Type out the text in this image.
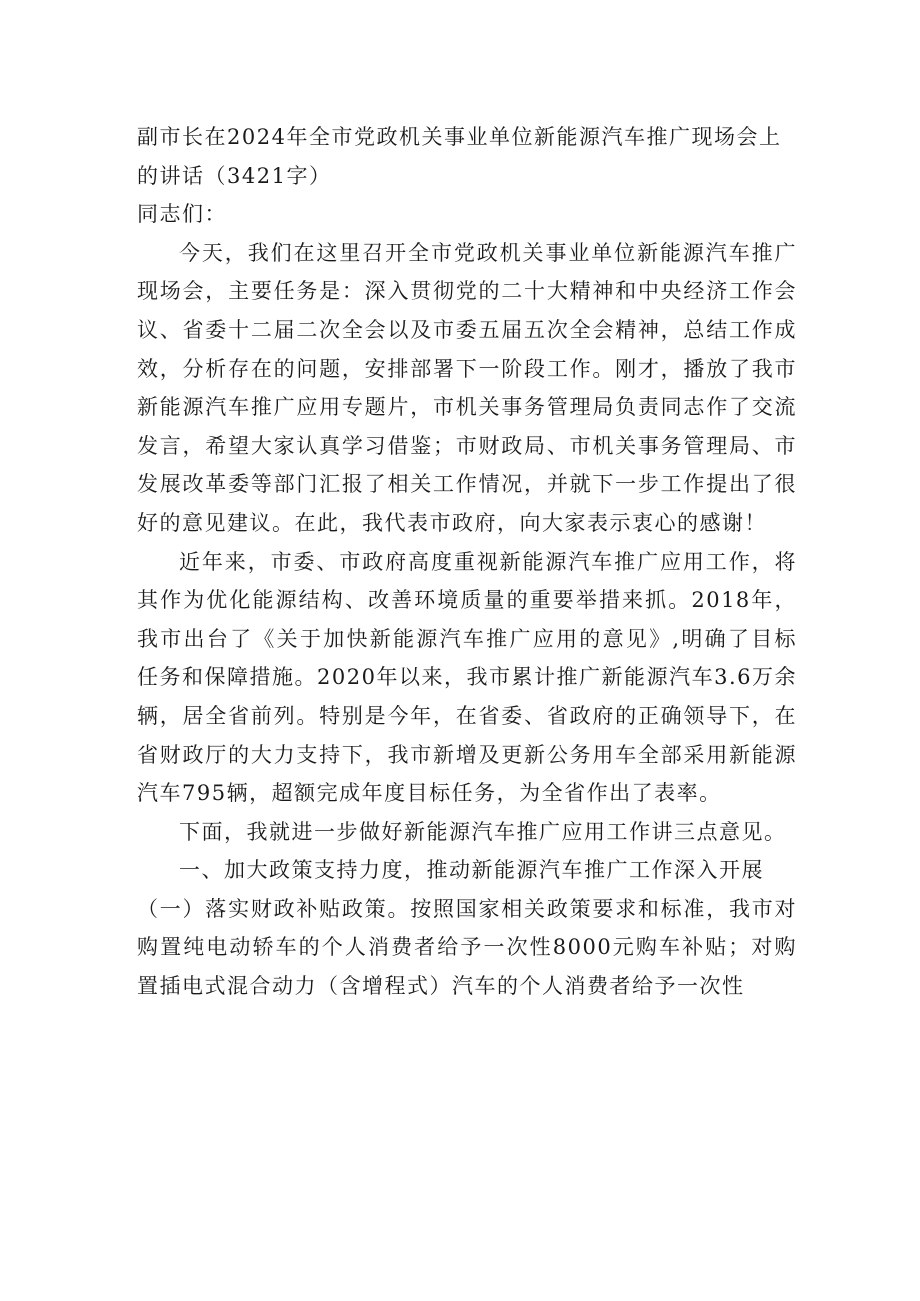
副市长在2024年全市党政机关事业单位新能源汽车推广现场会上的讲话（3421字）

同志们：

今天，我们在这里召开全市党政机关事业单位新能源汽车推广现场会，主要任务是：深入贯彻党的二十大精神和中央经济工作会议、省委十二届二次全会以及市委五届五次全会精神，总结工作成效，分析存在的问题，安排部署下一阶段工作。刚才，播放了我市新能源汽车推广应用专题片，市机关事务管理局负责同志作了交流发言，希望大家认真学习借鉴；市财政局、市机关事务管理局、市发展改革委等部门汇报了相关工作情况，并就下一步工作提出了很好的意见建议。在此，我代表市政府，向大家表示衷心的感谢！

近年来，市委、市政府高度重视新能源汽车推广应用工作，将其作为优化能源结构、改善环境质量的重要举措来抓。2018年，我市出台了《关于加快新能源汽车推广应用的意见》,明确了目标任务和保障措施。2020年以来，我市累计推广新能源汽车3.6万余辆，居全省前列。特别是今年，在省委、省政府的正确领导下，在省财政厅的大力支持下，我市新增及更新公务用车全部采用新能源汽车795辆，超额完成年度目标任务，为全省作出了表率。

下面，我就进一步做好新能源汽车推广应用工作讲三点意见。

一、加大政策支持力度，推动新能源汽车推广工作深入开展

（一）落实财政补贴政策。按照国家相关政策要求和标准，我市对购置纯电动轿车的个人消费者给予一次性8000元购车补贴；对购置插电式混合动力（含增程式）汽车的个人消费者给予一次性
